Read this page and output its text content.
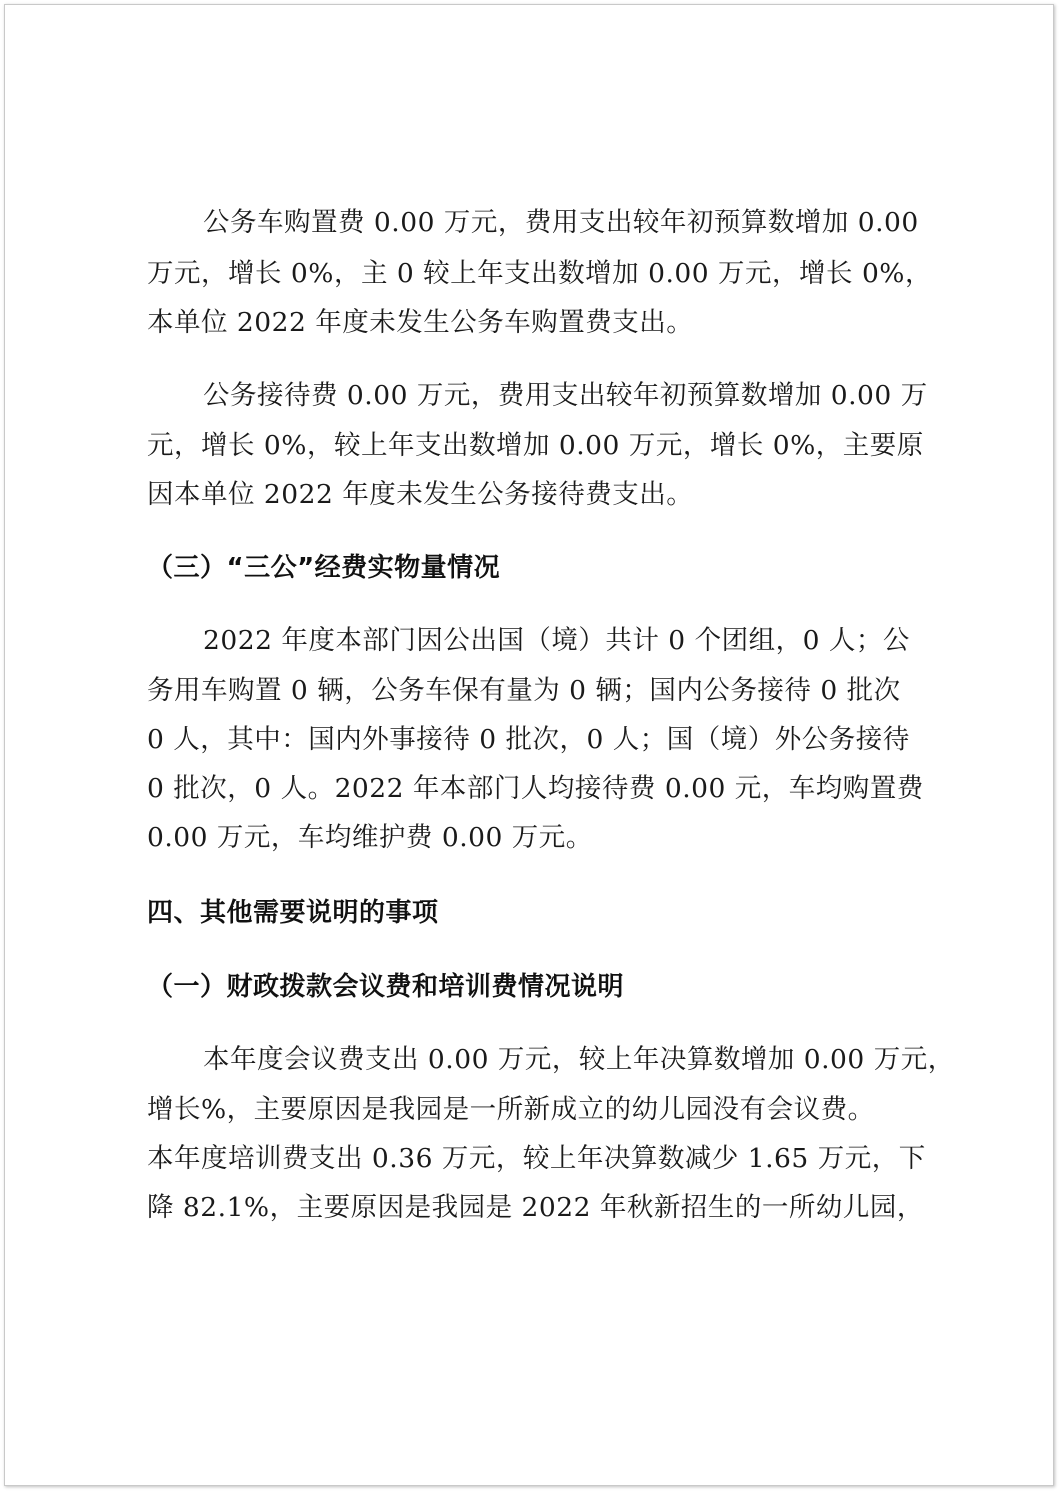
公务车购置费 0.00 万元，费用支出较年初预算数增加 0.00
万元，增长 0%，主 0 较上年支出数增加 0.00 万元，增长 0%，
本单位 2022 年度未发生公务车购置费支出。
公务接待费 0.00 万元，费用支出较年初预算数增加 0.00 万
元，增长 0%，较上年支出数增加 0.00 万元，增长 0%，主要原
因本单位 2022 年度未发生公务接待费支出。
（三）“三公”经费实物量情况
2022 年度本部门因公出国（境）共计 0 个团组，0 人；公
务用车购置 0 辆，公务车保有量为 0 辆；国内公务接待 0 批次
0 人，其中：国内外事接待 0 批次，0 人；国（境）外公务接待
0 批次，0 人。2022 年本部门人均接待费 0.00 元，车均购置费
0.00 万元，车均维护费 0.00 万元。
四、其他需要说明的事项
（一）财政拨款会议费和培训费情况说明
本年度会议费支出 0.00 万元，较上年决算数增加 0.00 万元，
增长%，主要原因是我园是一所新成立的幼儿园没有会议费。
本年度培训费支出 0.36 万元，较上年决算数减少 1.65 万元，下
降 82.1%，主要原因是我园是 2022 年秋新招生的一所幼儿园，
